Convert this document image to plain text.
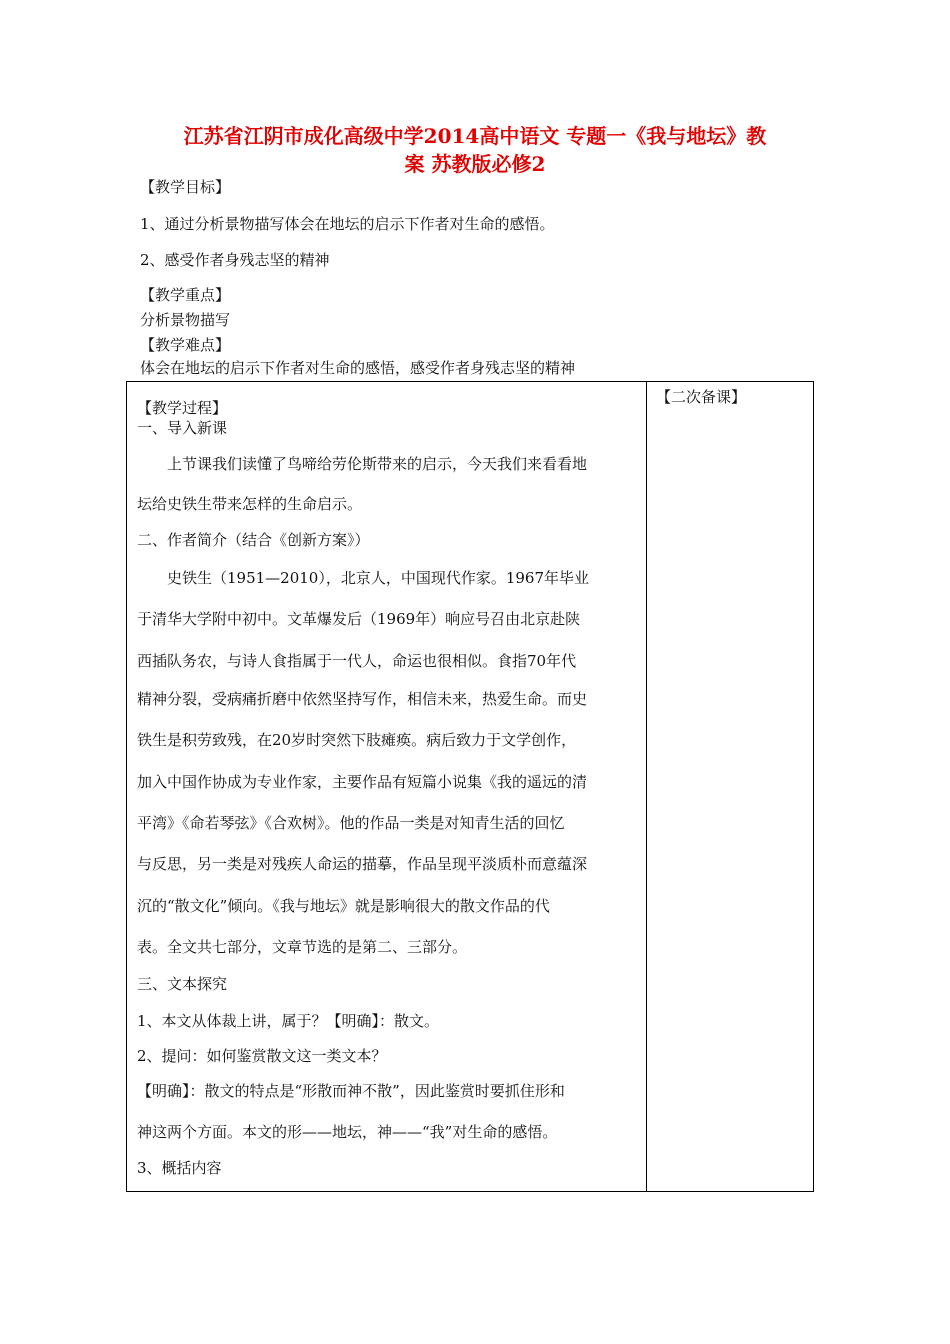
江苏省江阴市成化高级中学2014高中语文 专题一《我与地坛》教
案 苏教版必修2
【教学目标】
1、通过分析景物描写体会在地坛的启示下作者对生命的感悟。
2、感受作者身残志坚的精神
【教学重点】
分析景物描写
【教学难点】
体会在地坛的启示下作者对生命的感悟，感受作者身残志坚的精神
【二次备课】
【教学过程】
一、导入新课
上节课我们读懂了鸟啼给劳伦斯带来的启示，今天我们来看看地
坛给史铁生带来怎样的生命启示。
二、作者简介（结合《创新方案》）
史铁生（1951—2010），北京人，中国现代作家。1967年毕业
于清华大学附中初中。文革爆发后（1969年）响应号召由北京赴陕
西插队务农，与诗人食指属于一代人，命运也很相似。食指70年代
精神分裂，受病痛折磨中依然坚持写作，相信未来，热爱生命。而史
铁生是积劳致残，在20岁时突然下肢瘫痪。病后致力于文学创作，
加入中国作协成为专业作家，主要作品有短篇小说集《我的遥远的清
平湾》《命若琴弦》《合欢树》。他的作品一类是对知青生活的回忆
与反思，另一类是对残疾人命运的描摹，作品呈现平淡质朴而意蕴深
沉的“散文化”倾向。《我与地坛》就是影响很大的散文作品的代
表。全文共七部分，文章节选的是第二、三部分。
三、文本探究
1、本文从体裁上讲，属于？【明确】：散文。
2、提问：如何鉴赏散文这一类文本？
【明确】：散文的特点是“形散而神不散”，因此鉴赏时要抓住形和
神这两个方面。本文的形——地坛，神——“我”对生命的感悟。
3、概括内容
